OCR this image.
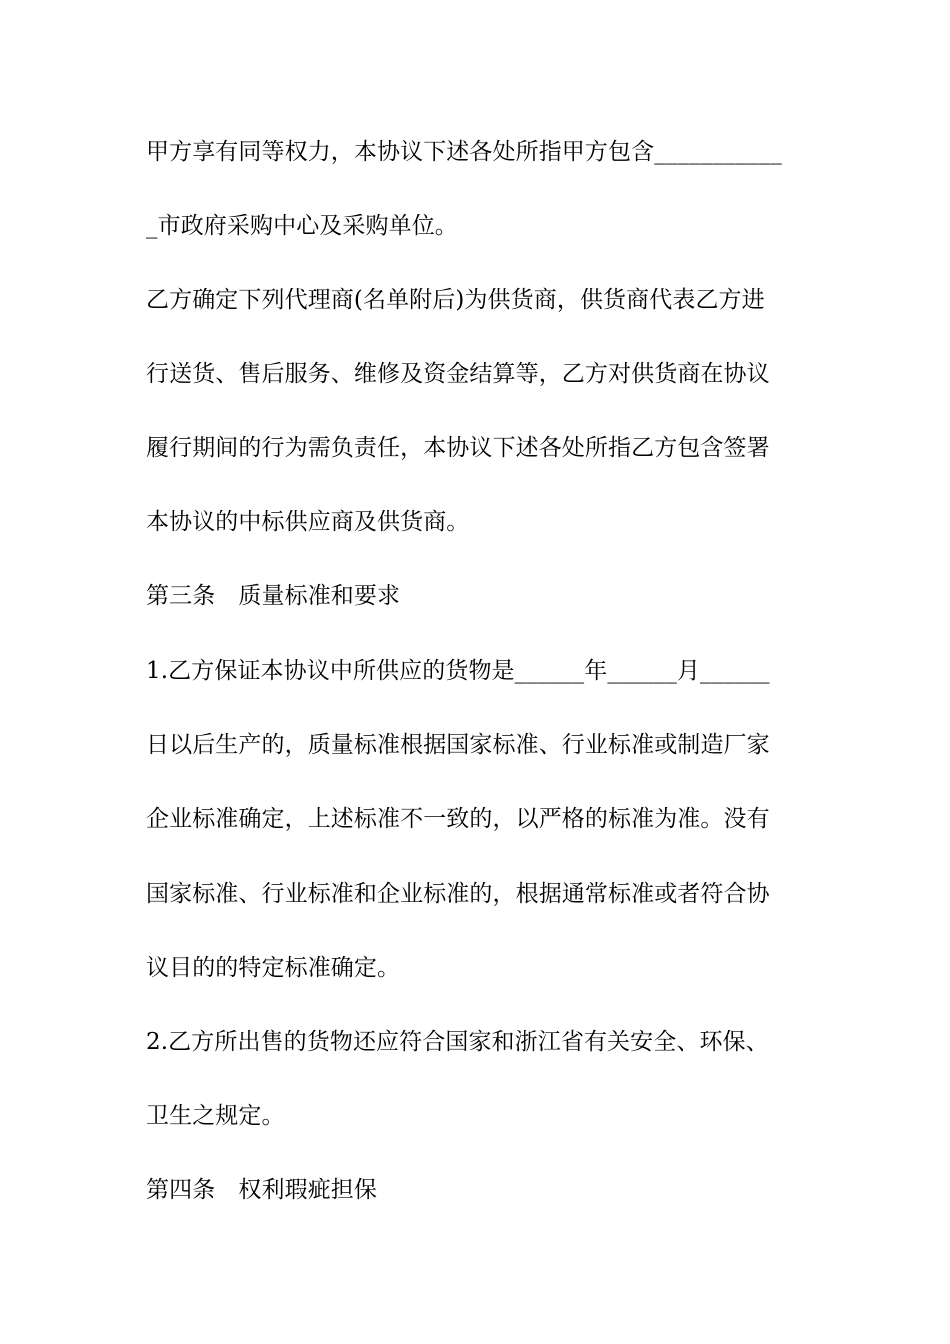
甲方享有同等权力，本协议下述各处所指甲方包含___________
_市政府采购中心及采购单位。
乙方确定下列代理商(名单附后)为供货商，供货商代表乙方进
行送货、售后服务、维修及资金结算等，乙方对供货商在协议
履行期间的行为需负责任，本协议下述各处所指乙方包含签署
本协议的中标供应商及供货商。
第三条　质量标准和要求
1.乙方保证本协议中所供应的货物是______年______月______
日以后生产的，质量标准根据国家标准、行业标准或制造厂家
企业标准确定，上述标准不一致的，以严格的标准为准。没有
国家标准、行业标准和企业标准的，根据通常标准或者符合协
议目的的特定标准确定。
2.乙方所出售的货物还应符合国家和浙江省有关安全、环保、
卫生之规定。
第四条　权利瑕疵担保
